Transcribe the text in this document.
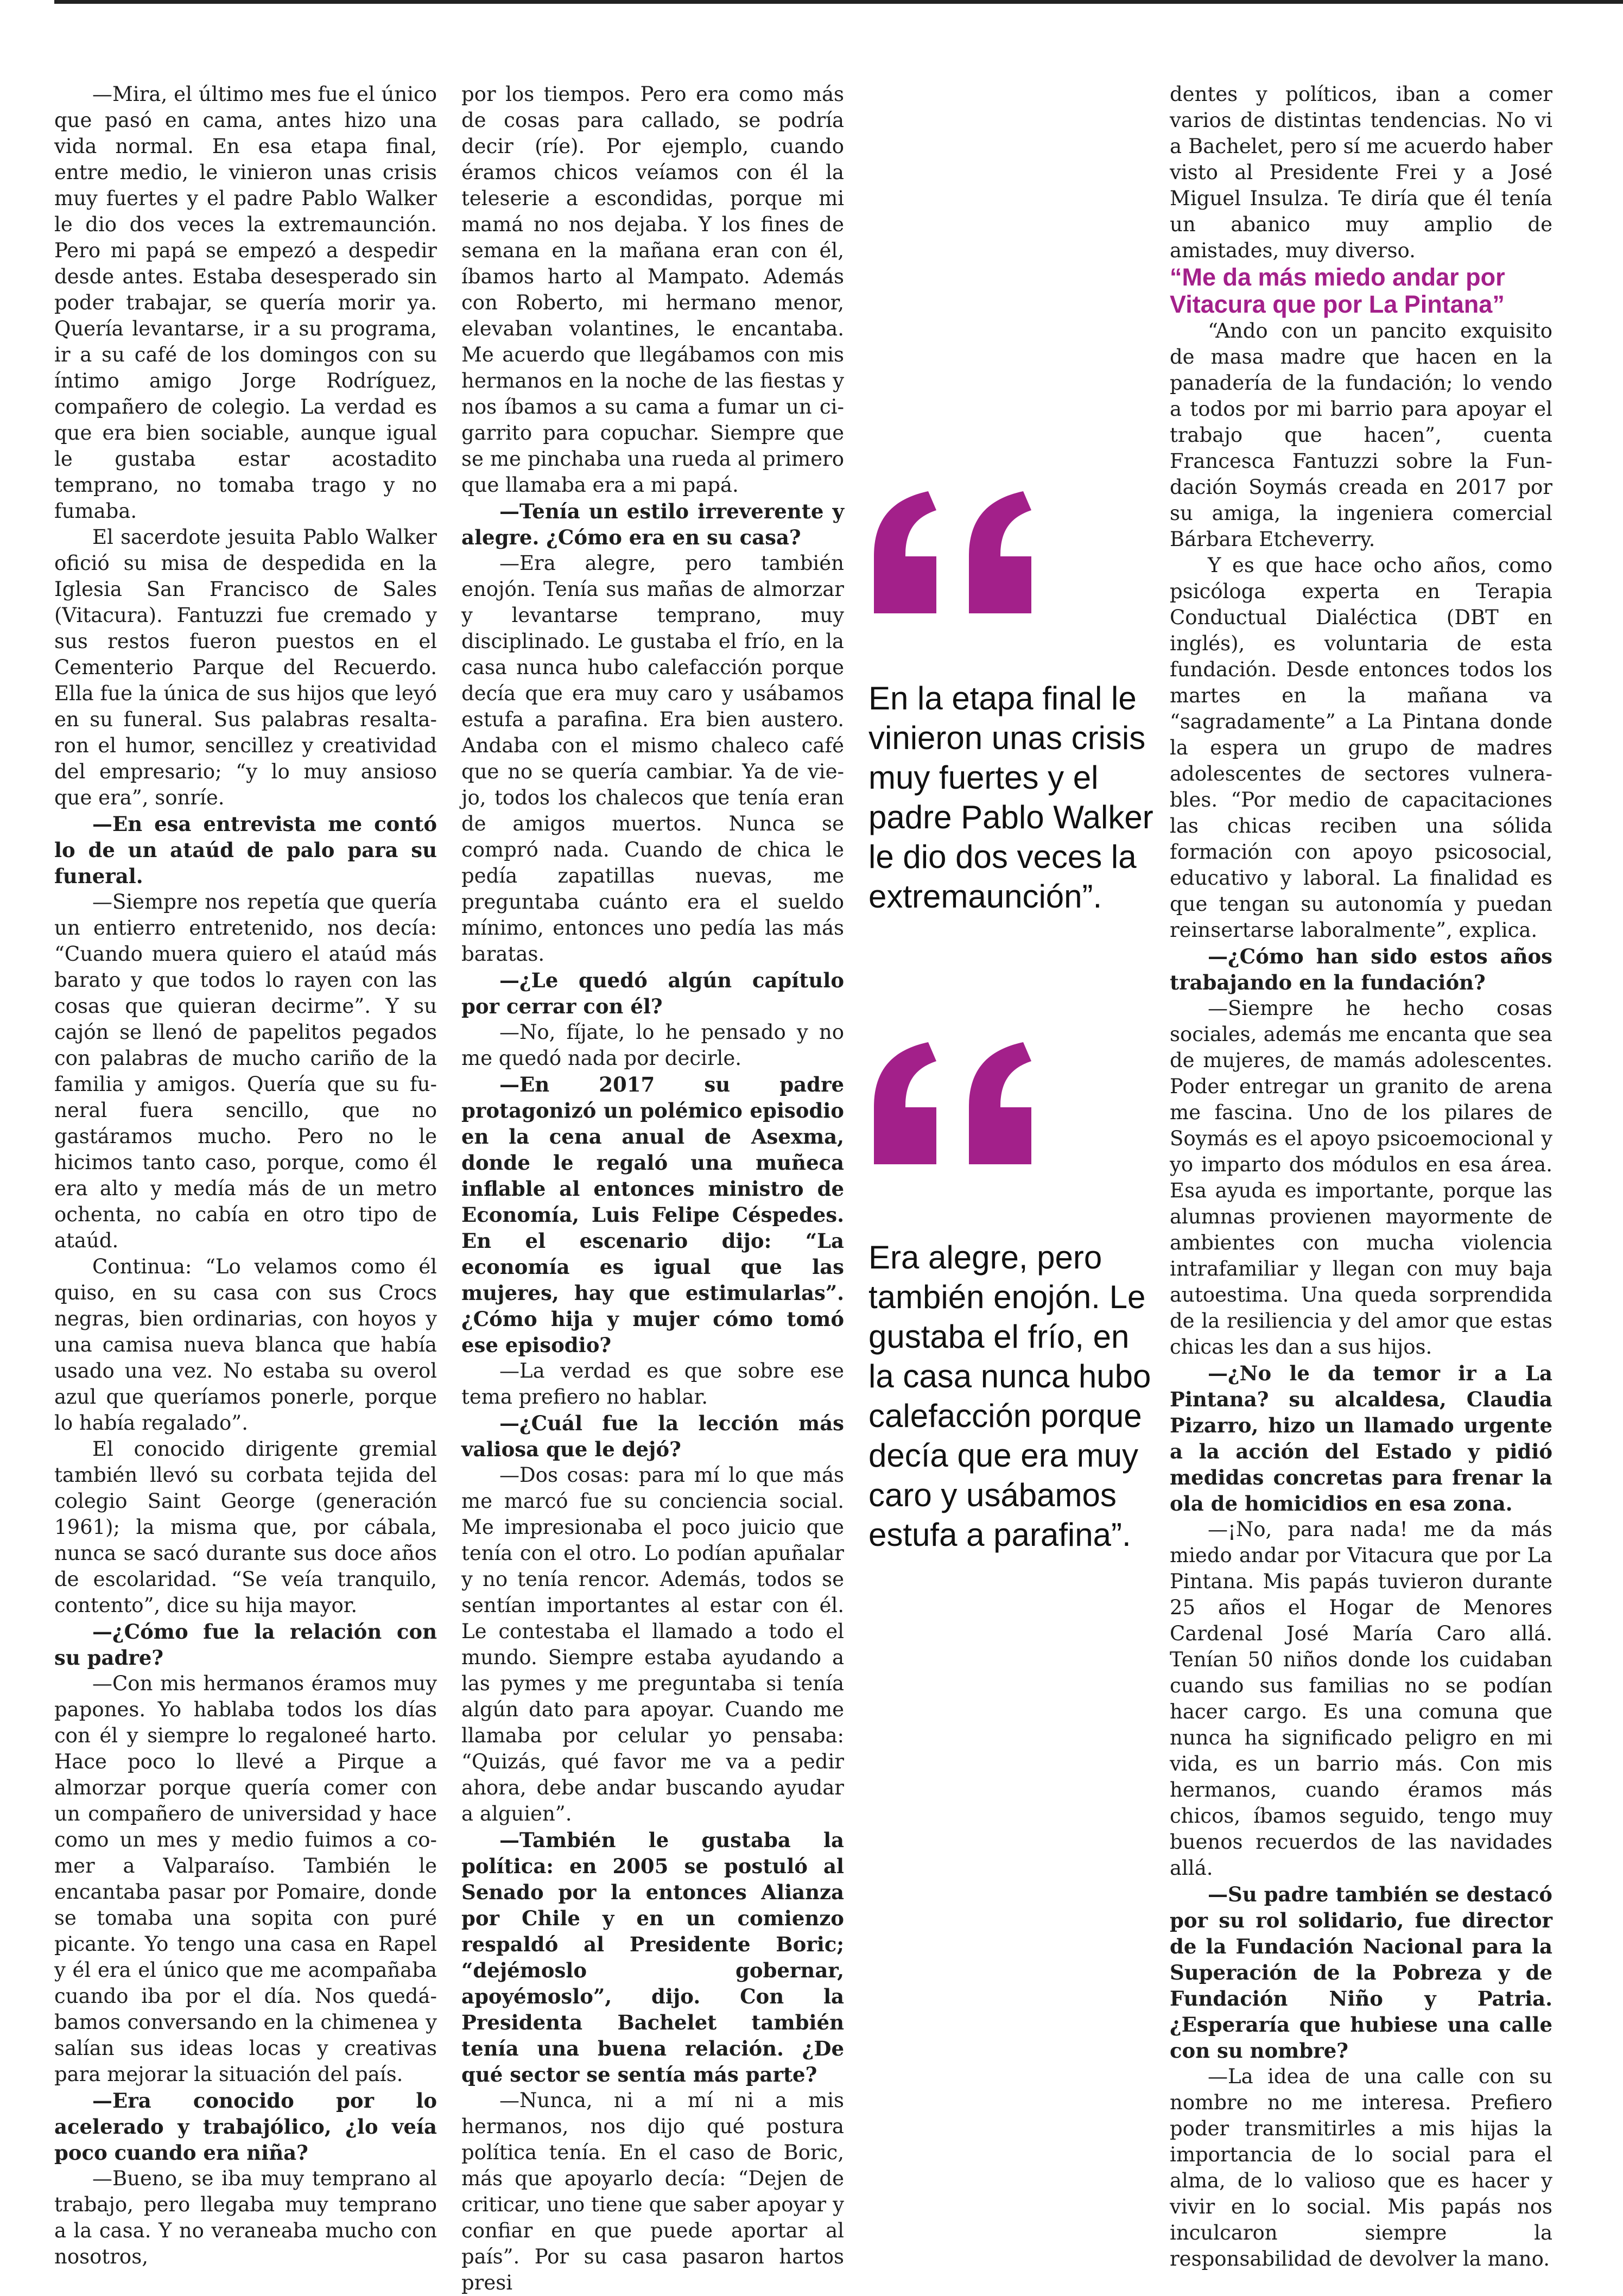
—Mira, el último mes fue el único que pasó en cama, antes hizo una vida normal. En esa etapa final, entre medio, le vinieron unas crisis muy fuertes y el padre Pablo Walker le dio dos veces la extremaunción. Pero mi papá se empezó a despedir desde antes. Estaba desesperado sin poder trabajar, se quería morir ya. Quería levantarse, ir a su programa, ir a su café de los domingos con su íntimo amigo Jorge Rodríguez, compañero de colegio. La verdad es que era bien sociable, aunque igual le gustaba estar acostadito temprano, no tomaba trago y no fumaba.

El sacerdote jesuita Pablo Walker ofició su misa de despedida en la Iglesia San Francisco de Sales (Vitacura). Fantuzzi fue cremado y sus restos fueron puestos en el Cementerio Parque del Recuerdo. Ella fue la única de sus hijos que leyó en su funeral. Sus palabras resaltaron el humor, sencillez y creatividad del empresario; “y lo muy ansioso que era”, sonríe.

—En esa entrevista me contó lo de un ataúd de palo para su funeral.

—Siempre nos repetía que quería un entierro entretenido, nos decía: “Cuando muera quiero el ataúd más barato y que todos lo rayen con las cosas que quieran decirme”. Y su cajón se llenó de papelitos pegados con palabras de mucho cariño de la familia y amigos. Quería que su funeral fuera sencillo, que no gastáramos mucho. Pero no le hicimos tanto caso, porque, como él era alto y medía más de un metro ochenta, no cabía en otro tipo de ataúd.

Continua: “Lo velamos como él quiso, en su casa con sus Crocs negras, bien ordinarias, con hoyos y una camisa nueva blanca que había usado una vez. No estaba su overol azul que queríamos ponerle, porque lo había regalado”.

El conocido dirigente gremial también llevó su corbata tejida del colegio Saint George (generación 1961); la misma que, por cábala, nunca se sacó durante sus doce años de escolaridad. “Se veía tranquilo, contento”, dice su hija mayor.

—¿Cómo fue la relación con su padre?

—Con mis hermanos éramos muy papones. Yo hablaba todos los días con él y siempre lo regaloneé harto. Hace poco lo llevé a Pirque a almorzar porque quería comer con un compañero de universidad y hace como un mes y medio fuimos a comer a Valparaíso. También le encantaba pasar por Pomaire, donde se tomaba una sopita con puré picante. Yo tengo una casa en Rapel y él era el único que me acompañaba cuando iba por el día. Nos quedábamos conversando en la chimenea y salían sus ideas locas y creativas para mejorar la situación del país.

—Era conocido por lo acelerado y trabajólico, ¿lo veía poco cuando era niña?

—Bueno, se iba muy temprano al trabajo, pero llegaba muy temprano a la casa. Y no veraneaba mucho con nosotros,

por los tiempos. Pero era como más de cosas para callado, se podría decir (ríe). Por ejemplo, cuando éramos chicos veíamos con él la teleserie a escondidas, porque mi mamá no nos dejaba. Y los fines de semana en la mañana eran con él, íbamos harto al Mampato. Además con Roberto, mi hermano menor, elevaban volantines, le encantaba. Me acuerdo que llegábamos con mis hermanos en la noche de las fiestas y nos íbamos a su cama a fumar un cigarrito para copuchar. Siempre que se me pinchaba una rueda al primero que llamaba era a mi papá.

—Tenía un estilo irreverente y alegre. ¿Cómo era en su casa?

—Era alegre, pero también enojón. Tenía sus mañas de almorzar y levantarse temprano, muy disciplinado. Le gustaba el frío, en la casa nunca hubo calefacción porque decía que era muy caro y usábamos estufa a parafina. Era bien austero. Andaba con el mismo chaleco café que no se quería cambiar. Ya de viejo, todos los chalecos que tenía eran de amigos muertos. Nunca se compró nada. Cuando de chica le pedía zapatillas nuevas, me preguntaba cuánto era el sueldo mínimo, entonces uno pedía las más baratas.

—¿Le quedó algún capítulo por cerrar con él?

—No, fíjate, lo he pensado y no me quedó nada por decirle.

—En 2017 su padre protagonizó un polémico episodio en la cena anual de Asexma, donde le regaló una muñeca inflable al entonces ministro de Economía, Luis Felipe Céspedes. En el escenario dijo: “La economía es igual que las mujeres, hay que estimularlas”. ¿Cómo hija y mujer cómo tomó ese episodio?

—La verdad es que sobre ese tema prefiero no hablar.

—¿Cuál fue la lección más valiosa que le dejó?

—Dos cosas: para mí lo que más me marcó fue su conciencia social. Me impresionaba el poco juicio que tenía con el otro. Lo podían apuñalar y no tenía rencor. Además, todos se sentían importantes al estar con él. Le contestaba el llamado a todo el mundo. Siempre estaba ayudando a las pymes y me preguntaba si tenía algún dato para apoyar. Cuando me llamaba por celular yo pensaba: “Quizás, qué favor me va a pedir ahora, debe andar buscando ayudar a alguien”.

—También le gustaba la política: en 2005 se postuló al Senado por la entonces Alianza por Chile y en un comienzo respaldó al Presidente Boric; “dejémoslo gobernar, apoyémoslo”, dijo. Con la Presidenta Bachelet también tenía una buena relación. ¿De qué sector se sentía más parte?

—Nunca, ni a mí ni a mis hermanos, nos dijo qué postura política tenía. En el caso de Boric, más que apoyarlo decía: “Dejen de criticar, uno tiene que saber apoyar y confiar en que puede aportar al país”. Por su casa pasaron hartos presi

dentes y políticos, iban a comer varios de distintas tendencias. No vi a Bachelet, pero sí me acuerdo haber visto al Presidente Frei y a José Miguel Insulza. Te diría que él tenía un abanico muy amplio de amistades, muy diverso.

“Me da más miedo andar por Vitacura que por La Pintana”

“Ando con un pancito exquisito de masa madre que hacen en la panadería de la fundación; lo vendo a todos por mi barrio para apoyar el trabajo que hacen”, cuenta Francesca Fantuzzi sobre la Fundación Soymás creada en 2017 por su amiga, la ingeniera comercial Bárbara Etcheverry.

Y es que hace ocho años, como psicóloga experta en Terapia Conductual Dialéctica (DBT en inglés), es voluntaria de esta fundación. Desde entonces todos los martes en la mañana va “sagradamente” a La Pintana donde la espera un grupo de madres adolescentes de sectores vulnerables. “Por medio de capacitaciones las chicas reciben una sólida formación con apoyo psicosocial, educativo y laboral. La finalidad es que tengan su autonomía y puedan reinsertarse laboralmente”, explica.

—¿Cómo han sido estos años trabajando en la fundación?

—Siempre he hecho cosas sociales, además me encanta que sea de mujeres, de mamás adolescentes. Poder entregar un granito de arena me fascina. Uno de los pilares de Soymás es el apoyo psicoemocional y yo imparto dos módulos en esa área. Esa ayuda es importante, porque las alumnas provienen mayormente de ambientes con mucha violencia intrafamiliar y llegan con muy baja autoestima. Una queda sorprendida de la resiliencia y del amor que estas chicas les dan a sus hijos.

—¿No le da temor ir a La Pintana? su alcaldesa, Claudia Pizarro, hizo un llamado urgente a la acción del Estado y pidió medidas concretas para frenar la ola de homicidios en esa zona.

—¡No, para nada! me da más miedo andar por Vitacura que por La Pintana. Mis papás tuvieron durante 25 años el Hogar de Menores Cardenal José María Caro allá. Tenían 50 niños donde los cuidaban cuando sus familias no se podían hacer cargo. Es una comuna que nunca ha significado peligro en mi vida, es un barrio más. Con mis hermanos, cuando éramos más chicos, íbamos seguido, tengo muy buenos recuerdos de las navidades allá.

—Su padre también se destacó por su rol solidario, fue director de la Fundación Nacional para la Superación de la Pobreza y de Fundación Niño y Patria. ¿Esperaría que hubiese una calle con su nombre?

—La idea de una calle con su nombre no me interesa. Prefiero poder transmitirles a mis hijas la importancia de lo social para el alma, de lo valioso que es hacer y vivir en lo social. Mis papás nos inculcaron siempre la responsabilidad de devolver la mano.

En la etapa final le vinieron unas crisis muy fuertes y el padre Pablo Walker le dio dos veces la extremaunción”.
Era alegre, pero también enojón. Le gustaba el frío, en la casa nunca hubo calefacción porque decía que era muy caro y usábamos estufa a parafina”.
